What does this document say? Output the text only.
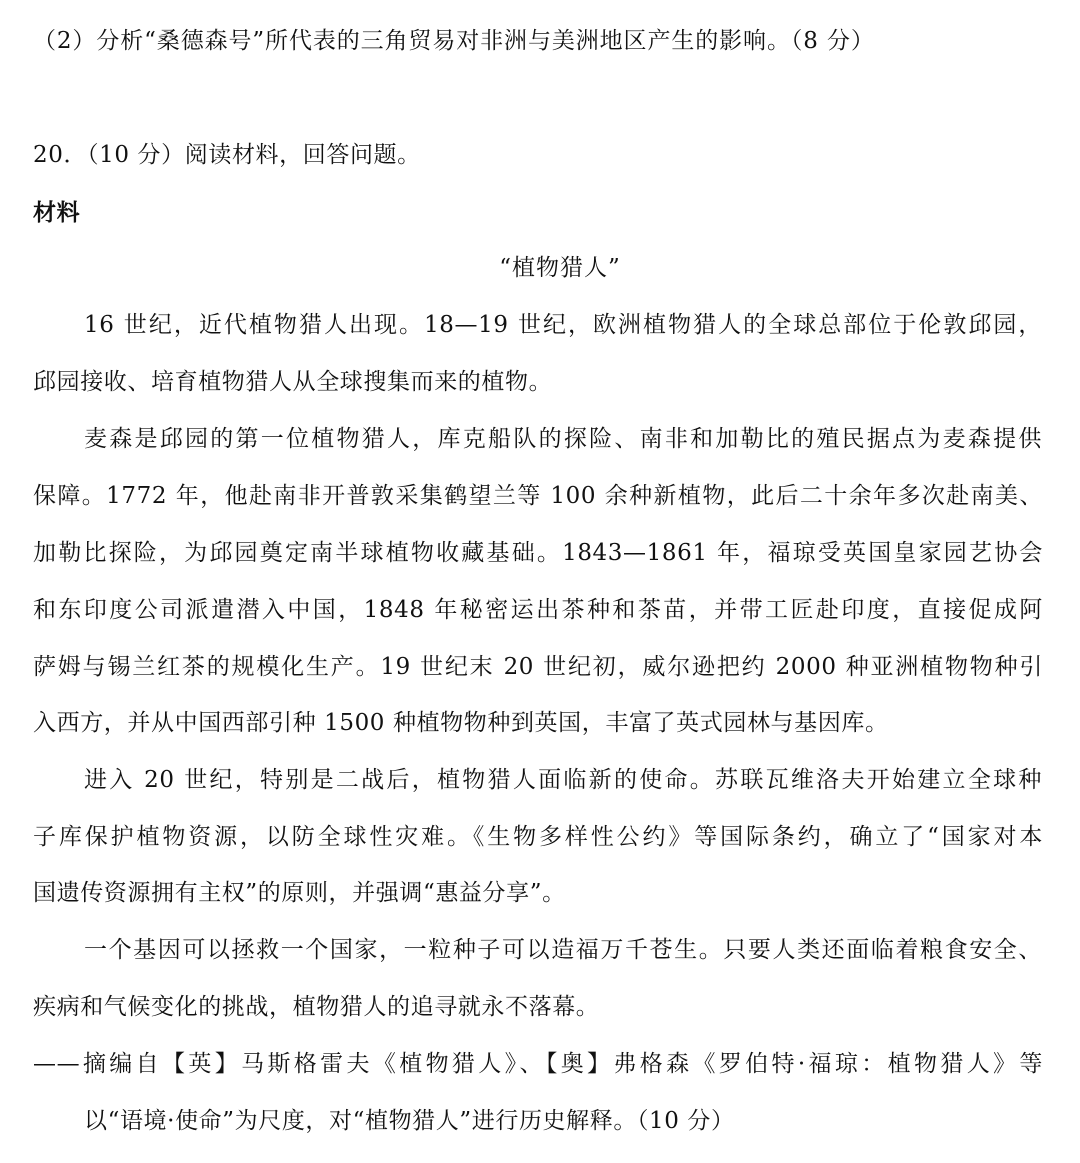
（2）分析“桑德森号”所代表的三角贸易对非洲与美洲地区产生的影响。（8 分）
20．（10 分）阅读材料，回答问题。
材料
“植物猎人”
16 世纪，近代植物猎人出现。18—19 世纪，欧洲植物猎人的全球总部位于伦敦邱园，
邱园接收、培育植物猎人从全球搜集而来的植物。
麦森是邱园的第一位植物猎人，库克船队的探险、南非和加勒比的殖民据点为麦森提供
保障。1772 年，他赴南非开普敦采集鹤望兰等 100 余种新植物，此后二十余年多次赴南美、
加勒比探险，为邱园奠定南半球植物收藏基础。1843—1861 年，福琼受英国皇家园艺协会
和东印度公司派遣潜入中国，1848 年秘密运出茶种和茶苗，并带工匠赴印度，直接促成阿
萨姆与锡兰红茶的规模化生产。19 世纪末 20 世纪初，威尔逊把约 2000 种亚洲植物物种引
入西方，并从中国西部引种 1500 种植物物种到英国，丰富了英式园林与基因库。
进入 20 世纪，特别是二战后，植物猎人面临新的使命。苏联瓦维洛夫开始建立全球种
子库保护植物资源，以防全球性灾难。《生物多样性公约》等国际条约，确立了“国家对本
国遗传资源拥有主权”的原则，并强调“惠益分享”。
一个基因可以拯救一个国家，一粒种子可以造福万千苍生。只要人类还面临着粮食安全、
疾病和气候变化的挑战，植物猎人的追寻就永不落幕。
——摘编自【英】马斯格雷夫《植物猎人》、【奥】弗格森《罗伯特·福琼：植物猎人》等
以“语境·使命”为尺度，对“植物猎人”进行历史解释。（10 分）
